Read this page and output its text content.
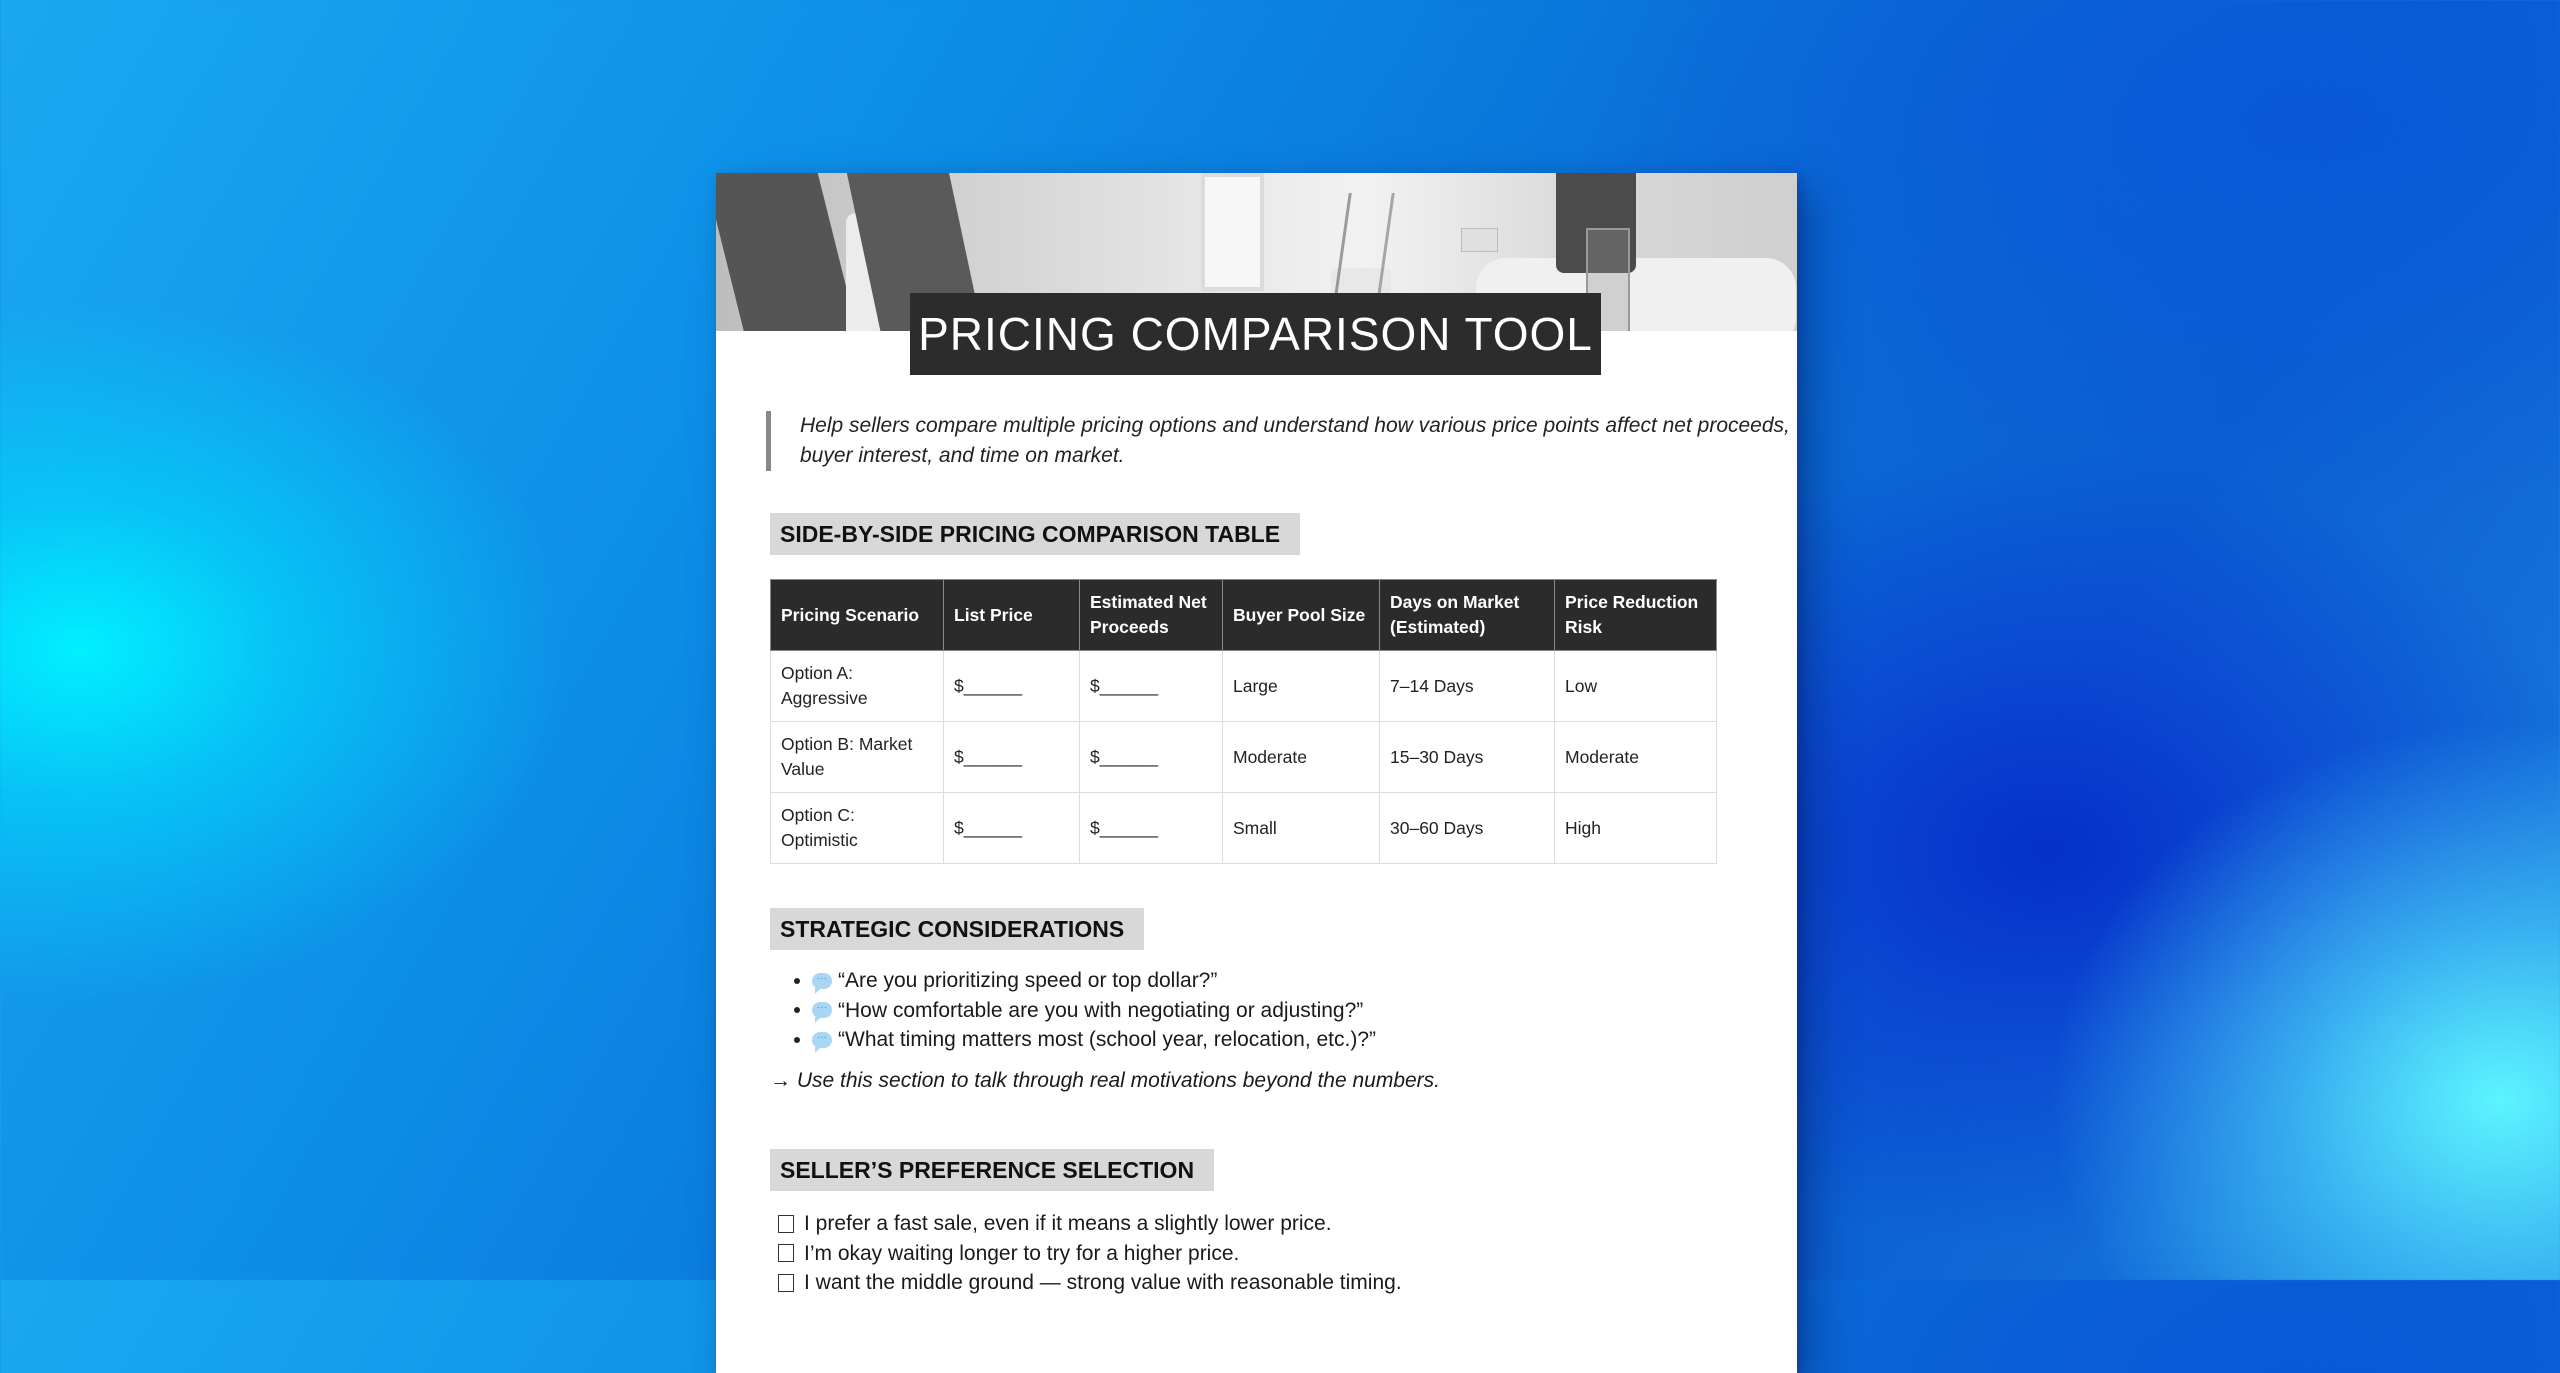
PRICING COMPARISON TOOL
Help sellers compare multiple pricing options and understand how various price points affect net proceeds, buyer interest, and time on market.
SIDE-BY-SIDE PRICING COMPARISON TABLE
Pricing Scenario	List Price	Estimated Net Proceeds	Buyer Pool Size	Days on Market (Estimated)	Price Reduction Risk
Option A: Aggressive	$______	$______	Large	7–14 Days	Low
Option B: Market Value	$______	$______	Moderate	15–30 Days	Moderate
Option C: Optimistic	$______	$______	Small	30–60 Days	High
STRATEGIC CONSIDERATIONS
··· “Are you prioritizing speed or top dollar?”
··· “How comfortable are you with negotiating or adjusting?”
··· “What timing matters most (school year, relocation, etc.)?”
→ Use this section to talk through real motivations beyond the numbers.
SELLER’S PREFERENCE SELECTION
I prefer a fast sale, even if it means a slightly lower price.
I’m okay waiting longer to try for a higher price.
I want the middle ground — strong value with reasonable timing.
